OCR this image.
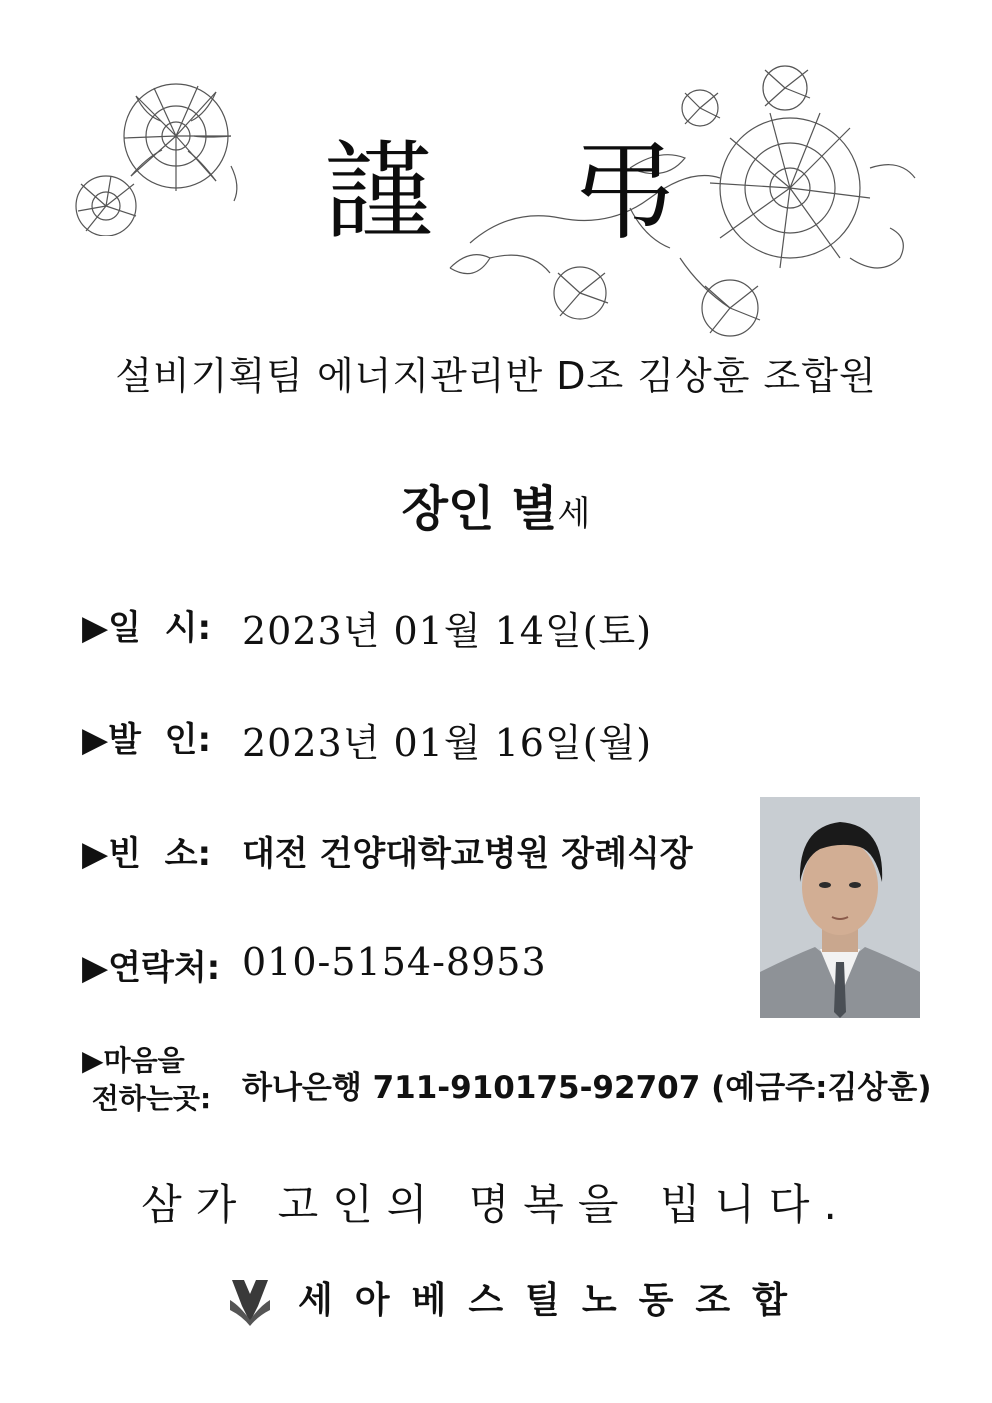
謹 弔
설비기획팀 에너지관리반 D조 김상훈 조합원
장인 별세
▶일  시: 2023년 01월 14일(토)
▶발  인: 2023년 01월 16일(월)
▶빈  소: 대전 건양대학교병원 장례식장
▶연락처: 010-5154-8953
▶마음을
전하는곳: 하나은행 711-910175-92707 (예금주:김상훈)
삼가 고인의 명복을 빕니다.
세아베스틸노동조합
